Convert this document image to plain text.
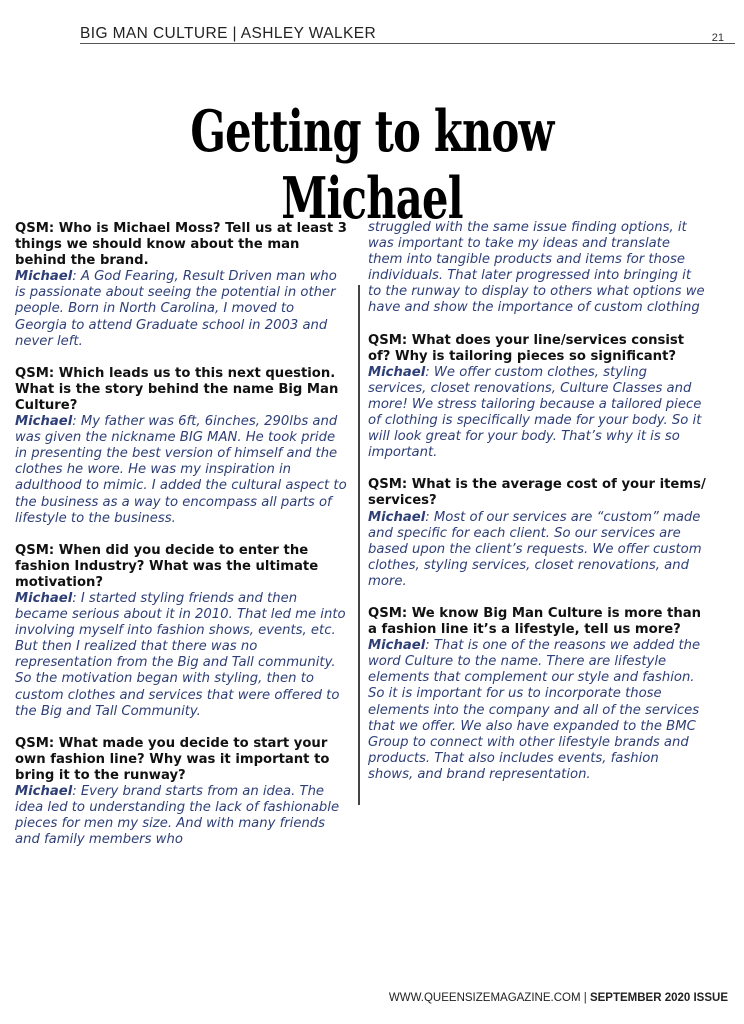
BIG MAN CULTURE | ASHLEY WALKER	21
Getting to know Michael
QSM: Who is Michael Moss? Tell us at least 3 things we should know about the man behind the brand.
Michael: A God Fearing, Result Driven man who is passionate about seeing the potential in other people. Born in North Carolina, I moved to Georgia to attend Graduate school in 2003 and never left.
QSM: Which leads us to this next question. What is the story behind the name Big Man Culture?
Michael: My father was 6ft, 6inches, 290lbs and was given the nickname BIG MAN. He took pride in presenting the best version of himself and the clothes he wore. He was my inspiration in adulthood to mimic. I added the cultural aspect to the business as a way to encompass all parts of lifestyle to the business.
QSM: When did you decide to enter the fashion Industry? What was the ultimate motivation?
Michael: I started styling friends and then became serious about it in 2010. That led me into involving myself into fashion shows, events, etc. But then I realized that there was no representation from the Big and Tall community. So the motivation began with styling, then to custom clothes and services that were offered to the Big and Tall Community.
QSM: What made you decide to start your own fashion line? Why was it important to bring it to the runway?
Michael: Every brand starts from an idea. The idea led to understanding the lack of fashionable pieces for men my size. And with many friends and family members who
struggled with the same issue finding options, it was important to take my ideas and translate them into tangible products and items for those individuals. That later progressed into bringing it to the runway to display to others what options we have and show the importance of custom clothing
QSM: What does your line/services consist of? Why is tailoring pieces so significant?
Michael: We offer custom clothes, styling services, closet renovations, Culture Classes and more! We stress tailoring because a tailored piece of clothing is specifically made for your body. So it will look great for your body. That’s why it is so important.
QSM: What is the average cost of your items/ services?
Michael: Most of our services are “custom” made and specific for each client. So our services are based upon the client’s requests. We offer custom clothes, styling services, closet renovations, and more.
QSM: We know Big Man Culture is more than a fashion line it’s a lifestyle, tell us more?
Michael: That is one of the reasons we added the word Culture to the name. There are lifestyle elements that complement our style and fashion. So it is important for us to incorporate those elements into the company and all of the services that we offer. We also have expanded to the BMC Group to connect with other lifestyle brands and products. That also includes events, fashion shows, and brand representation.
WWW.QUEENSIZEMAGAZINE.COM | SEPTEMBER 2020 ISSUE
